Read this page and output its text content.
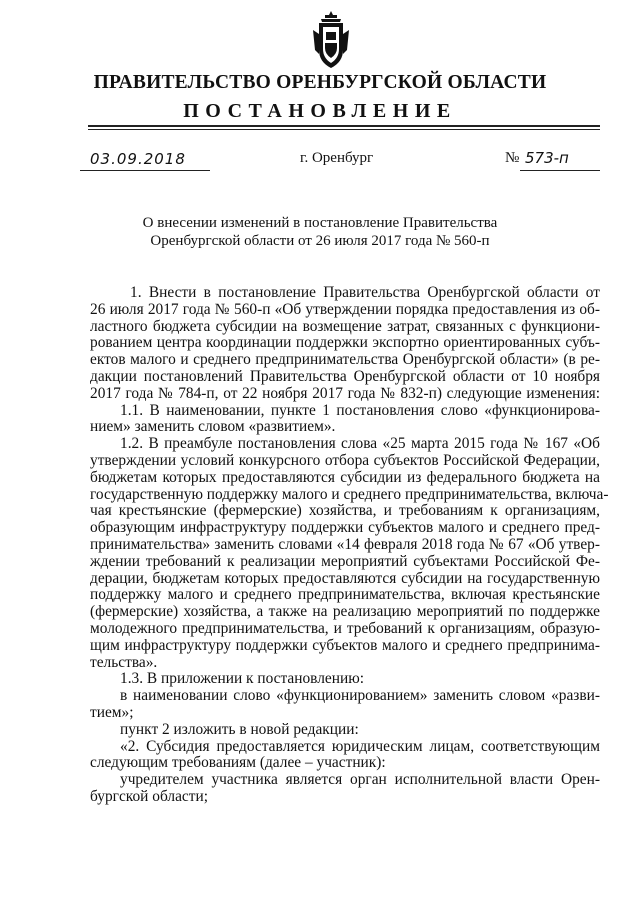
ПРАВИТЕЛЬСТВО ОРЕНБУРГСКОЙ ОБЛАСТИ
ПОСТАНОВЛЕНИЕ
03.09.2018	г. Оренбург	№ 573-п
О внесении изменений в постановление Правительства
Оренбургской области от 26 июля 2017 года № 560-п
1. Внести в постановление Правительства Оренбургской области от
26 июля 2017 года № 560-п «Об утверждении порядка предоставления из об-
ластного бюджета субсидии на возмещение затрат, связанных с функциони-
рованием центра координации поддержки экспортно ориентированных субъ-
ектов малого и среднего предпринимательства Оренбургской области» (в ре-
дакции постановлений Правительства Оренбургской области от 10 ноября
2017 года № 784-п, от 22 ноября 2017 года № 832-п) следующие изменения:
1.1. В наименовании, пункте 1 постановления слово «функционирова-
нием» заменить словом «развитием».
1.2. В преамбуле постановления слова «25 марта 2015 года № 167 «Об
утверждении условий конкурсного отбора субъектов Российской Федерации,
бюджетам которых предоставляются субсидии из федерального бюджета на
государственную поддержку малого и среднего предпринимательства, включа-
чая крестьянские (фермерские) хозяйства, и требованиям к организациям,
образующим инфраструктуру поддержки субъектов малого и среднего пред-
принимательства» заменить словами «14 февраля 2018 года № 67 «Об утвер-
ждении требований к реализации мероприятий субъектами Российской Фе-
дерации, бюджетам которых предоставляются субсидии на государственную
поддержку малого и среднего предпринимательства, включая крестьянские
(фермерские) хозяйства, а также на реализацию мероприятий по поддержке
молодежного предпринимательства, и требований к организациям, образую-
щим инфраструктуру поддержки субъектов малого и среднего предпринима-
тельства».
1.3. В приложении к постановлению:
в наименовании слово «функционированием» заменить словом «разви-
тием»;
пункт 2 изложить в новой редакции:
«2. Субсидия предоставляется юридическим лицам, соответствующим
следующим требованиям (далее – участник):
учредителем участника является орган исполнительной власти Орен-
бургской области;
